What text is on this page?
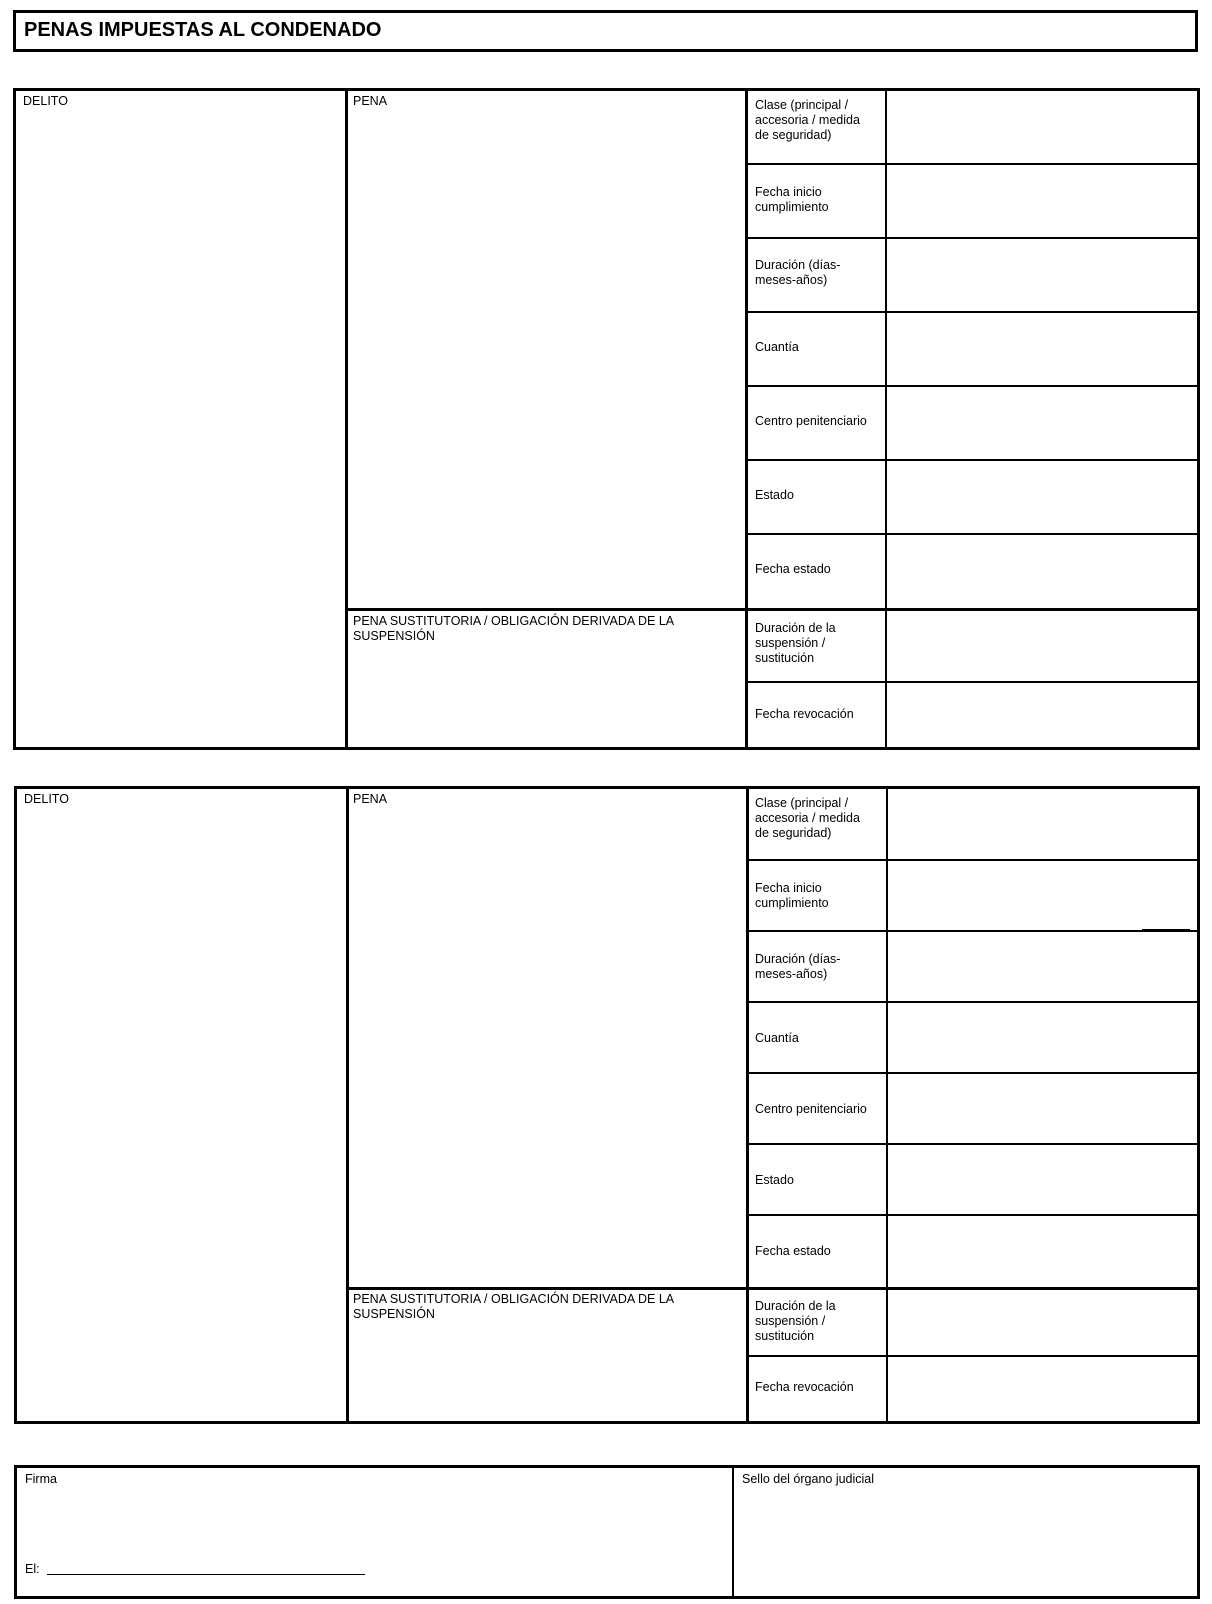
PENAS IMPUESTAS AL CONDENADO
DELITO	PENA
PENA SUSTITUTORIA / OBLIGACIÓN DERIVADA DE LA SUSPENSIÓN
Clase (principal / accesoria / medida de seguridad)
Fecha inicio cumplimiento
Duración (días-meses-años)
Cuantía
Centro penitenciario
Estado
Fecha estado
Duración de la suspensión / sustitución
Fecha revocación
DELITO	PENA
PENA SUSTITUTORIA / OBLIGACIÓN DERIVADA DE LA SUSPENSIÓN
Clase (principal / accesoria / medida de seguridad)
Fecha inicio cumplimiento
Duración (días-meses-años)
Cuantía
Centro penitenciario
Estado
Fecha estado
Duración de la suspensión / sustitución
Fecha revocación
Firma
El:
Sello del órgano judicial
